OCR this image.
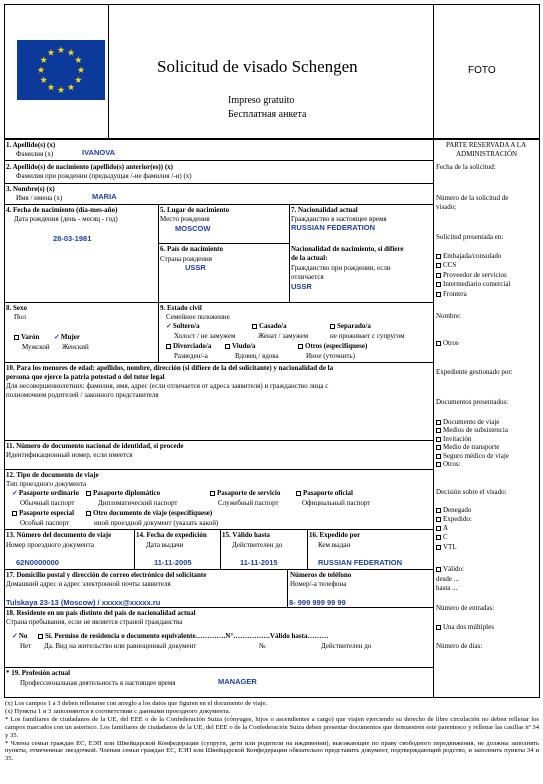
Solicitud de visado Schengen
Impreso gratuito
Бесплатная анкета
FOTO
1. Apellido(s) (x)
Фамилия (x)	IVANOVA
2. Apellido(s) de nacimiento (apellido(s) anterior(es)) (x)
Фамилия при рождении (предыдущая /-ие фамилия /-и) (x)
3. Nombre(s) (x)
Имя / имена (x)	MARIA
4. Fecha de nacimiento (día-mes-año)
Дата рождения (день - месяц - год)
28-03-1981
5. Lugar de nacimiento
Место рождения
MOSCOW
6. País de nacimiento
Страна рождения
USSR
7. Nacionalidad actual
Гражданство в настоящее время
RUSSIAN FEDERATION
Nacionalidad de nacimiento, si difiere
de la actual:
Гражданство при рождении, если
отличается
USSR
8. Sexo
Пол
Varón ✓Mujer
Мужской Женский
9. Estado civil
Семейное положение
✓Soltero/a	Casado/a	Separado/a
Холост / не замужем	Женат / замужем	не проживает с супругом
Divorciado/a	Viudo/a	Otros (especifíquese)
Разведен/-а	Вдовец / вдова	Иное (уточнить)
10. Para los menores de edad: apellidos, nombre, dirección (si difiere de la del solicitante) y nacionalidad de la
persona que ejerce la patria potestad o del tutor legal
Для несовершеннолетних: фамилия, имя, адрес (если отличается от адреса заявителя) и гражданство лица с
полномочием родителей / законного представителя
11. Número de documento nacional de identidad, si procede
Идентификационный номер, если имеется
12. Tipo de documento de viaje
Тип проездного документа
✓Pasaporte ordinario	Pasaporte diplomático	Pasaporte de servicio	Pasaporte oficial
Обычный паспорт	Дипломатический паспорт	Служебный паспорт	Официальный паспорт
Pasaporte especial	Otro documento de viaje (especifíquese)
Особый паспорт	иной проездной документ (указать какой)
13. Número del documento de viaje
Номер проездного документа
62N0000000
14. Fecha de expedición
Дата выдачи
11-11-2005
15. Válido hasta
Действителен до
11-11-2015
16. Expedido por
Кем выдан
RUSSIAN FEDERATION
17. Domicilio postal y dirección de correo electrónico del solicitante
Домашний адрес и адрес электронной почты заявителя
Tulskaya 23-13 (Moscow) / xxxxx@xxxxx.ru
Números de teléfono
Номер/-а телефона
8- 999 999 99 99
18. Residente en un país distinto del país de nacionalidad actual
Страна пребывания, если не является страной гражданства
✓No	Sí. Permiso de residencia o documento equivalente………….N°…………….Válido hasta………
Нет Да. Вид на жительство или равноценный документ	№	Действителен до
* 19. Profesión actual
Профессиональная деятельность в настоящее время	MANAGER
PARTE RESERVADA A LA
ADMINISTRACIÓN
Fecha de la solicitud:
Número de la solicitud de
visado:
Solicitud presentada en:
Embajada/consulado
CCS
Proveedor de servicios
Intermediario comercial
Frontera
Nombre:
Otros
Expediente gestionado por:
Documentos presentados:
Documento de viaje
Medios de subsistencia
Invitación
Medio de transporte
Seguro médico de viaje
Otros:
Decisión sobre el visado:
Denegado
Expedido:
A
C
VTL
Válido:
desde ...
hasta ...
Número de entradas:
Una dos múltiples
Número de días:
(x) Los campos 1 a 3 deben rellenarse con arreglo a los datos que figuren en el documento de viaje.
(x) Пункты 1 и 3 заполняются в соответствии с данными проездного документа.
* Los familiares de ciudadanos de la UE, del EEE o de la Confederación Suiza (cónyuges, hijos o ascendientes a cargo) que viajen ejerciendo su derecho de libre circulación no deben rellenar los campos marcados con un asterisco. Los familiares de ciudadanos de la UE, del EEE o de la Confederación Suiza deben presentar documentos que demuestren este parentesco y rellenar las casillas nº 34 y 35.
* Члены семьи граждан ЕС, ЕЭП или Швейцарской Конфедерации (супруги, дети или родители на иждивении), выезжающие по праву свободного передвижения, не должны заполнять пункты, отмеченные звездочкой. Членам семьи граждан ЕС, ЕЭП или Швейцарской Конфедерации обязательно представить документ, подтверждающий родство, и заполнить пункты 34 и 35.
